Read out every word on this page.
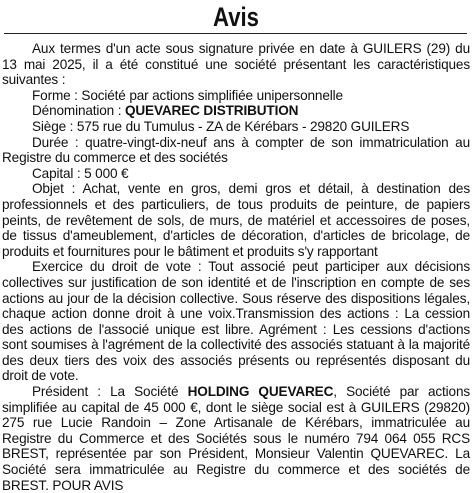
Avis

Aux termes d'un acte sous signature privée en date à GUILERS (29) du 13 mai 2025, il a été constitué une société présentant les caractéristiques suivantes :

Forme : Société par actions simplifiée unipersonnelle

Dénomination : QUEVAREC DISTRIBUTION

Siège : 575 rue du Tumulus - ZA de Kérébars - 29820 GUILERS

Durée : quatre-vingt-dix-neuf ans à compter de son immatriculation au Registre du commerce et des sociétés

Capital : 5 000 €

Objet : Achat, vente en gros, demi gros et détail, à destination des professionnels et des particuliers, de tous produits de peinture, de papiers peints, de revêtement de sols, de murs, de matériel et accessoires de poses, de tissus d'ameublement, d'articles de décoration, d'articles de bricolage, de produits et fournitures pour le bâtiment et produits s'y rapportant

Exercice du droit de vote : Tout associé peut participer aux décisions collectives sur justification de son identité et de l'inscription en compte de ses actions au jour de la décision collective. Sous réserve des dispositions légales, chaque action donne droit à une voix.Transmission des actions : La cession des actions de l'associé unique est libre. Agrément : Les cessions d'actions sont soumises à l'agrément de la collectivité des associés statuant à la majorité des deux tiers des voix des associés présents ou représentés disposant du droit de vote.

Président : La Société HOLDING QUEVAREC, Société par actions simplifiée au capital de 45 000 €, dont le siège social est à GUILERS (29820) 275 rue Lucie Randoin – Zone Artisanale de Kérébars, immatriculée au Registre du Commerce et des Sociétés sous le numéro 794 064 055 RCS BREST, représentée par son Président, Monsieur Valentin QUEVAREC. La Société sera immatriculée au Registre du commerce et des sociétés de BREST. POUR AVIS
